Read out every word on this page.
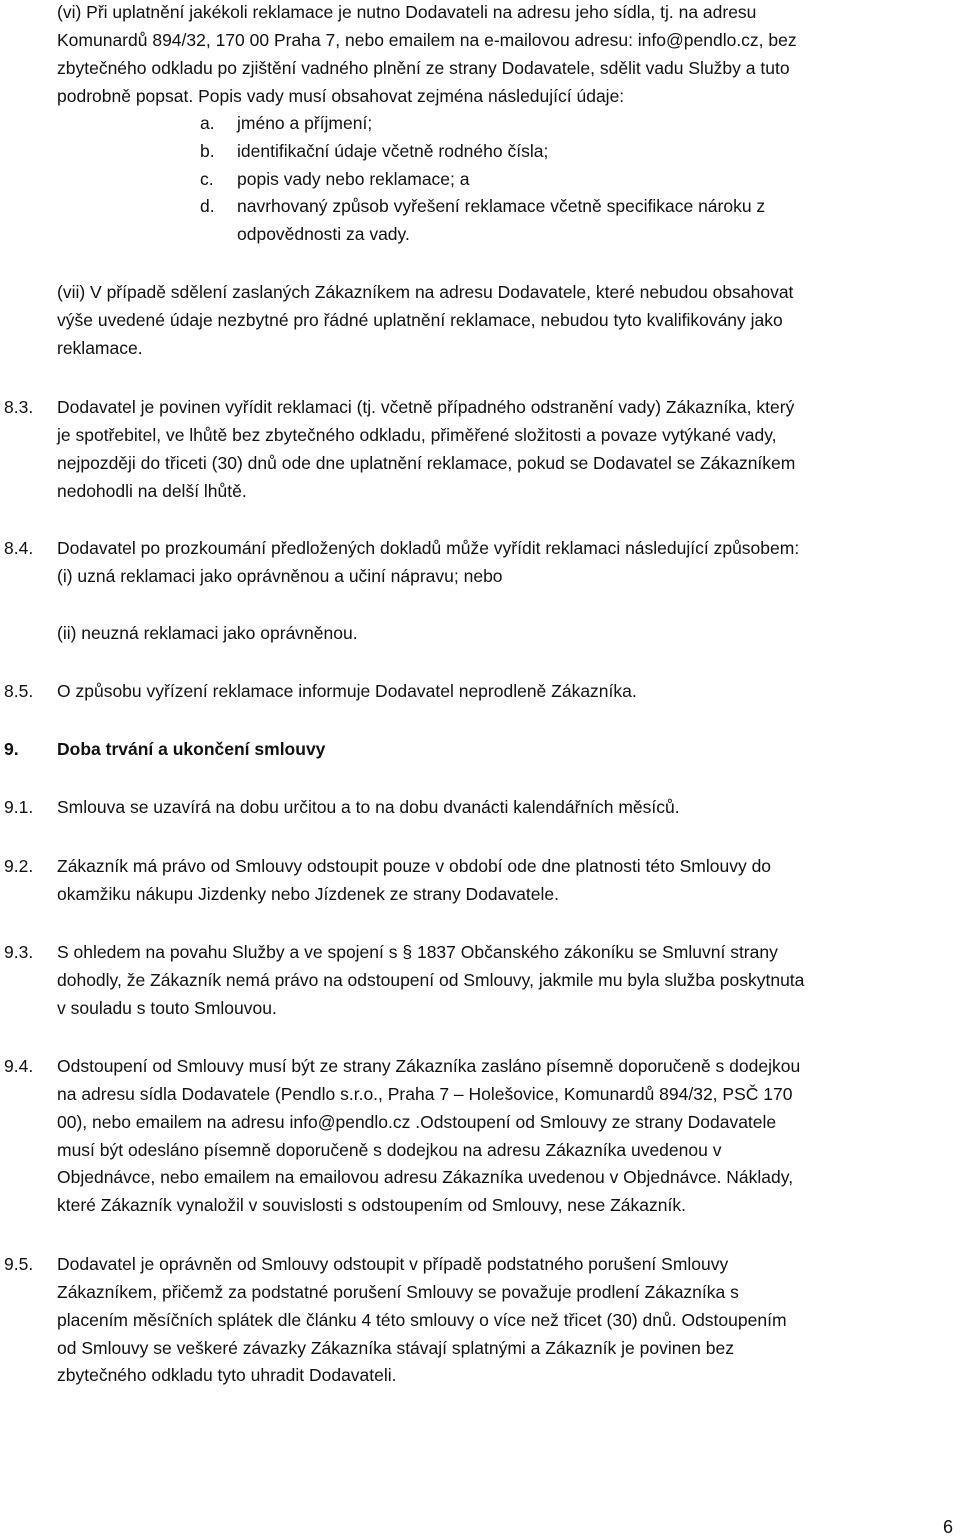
(vi) Při uplatnění jakékoli reklamace je nutno Dodavateli na adresu jeho sídla, tj. na adresu
Komunardů 894/32, 170 00 Praha 7, nebo emailem na e-mailovou adresu: info@pendlo.cz, bez
zbytečného odkladu po zjištění vadného plnění ze strany Dodavatele, sdělit vadu Služby a tuto
podrobně popsat. Popis vady musí obsahovat zejména následující údaje:
a. jméno a příjmení;
b. identifikační údaje včetně rodného čísla;
c. popis vady nebo reklamace; a
d. navrhovaný způsob vyřešení reklamace včetně specifikace nároku z
odpovědnosti za vady.
(vii) V případě sdělení zaslaných Zákazníkem na adresu Dodavatele, které nebudou obsahovat
výše uvedené údaje nezbytné pro řádné uplatnění reklamace, nebudou tyto kvalifikovány jako
reklamace.
8.3. Dodavatel je povinen vyřídit reklamaci (tj. včetně případného odstranění vady) Zákazníka, který
je spotřebitel, ve lhůtě bez zbytečného odkladu, přiměřené složitosti a povaze vytýkané vady,
nejpozději do třiceti (30) dnů ode dne uplatnění reklamace, pokud se Dodavatel se Zákazníkem
nedohodli na delší lhůtě.
8.4. Dodavatel po prozkoumání předložených dokladů může vyřídit reklamaci následující způsobem:
(i) uzná reklamaci jako oprávněnou a učiní nápravu; nebo
(ii) neuzná reklamaci jako oprávněnou.
8.5. O způsobu vyřízení reklamace informuje Dodavatel neprodleně Zákazníka.
9. Doba trvání a ukončení smlouvy
9.1. Smlouva se uzavírá na dobu určitou a to na dobu dvanácti kalendářních měsíců.
9.2. Zákazník má právo od Smlouvy odstoupit pouze v období ode dne platnosti této Smlouvy do
okamžiku nákupu Jizdenky nebo Jízdenek ze strany Dodavatele.
9.3. S ohledem na povahu Služby a ve spojení s § 1837 Občanského zákoníku se Smluvní strany
dohodly, že Zákazník nemá právo na odstoupení od Smlouvy, jakmile mu byla služba poskytnuta
v souladu s touto Smlouvou.
9.4. Odstoupení od Smlouvy musí být ze strany Zákazníka zasláno písemně doporučeně s dodejkou
na adresu sídla Dodavatele (Pendlo s.r.o., Praha 7 – Holešovice, Komunardů 894/32, PSČ 170
00), nebo emailem na adresu info@pendlo.cz .Odstoupení od Smlouvy ze strany Dodavatele
musí být odesláno písemně doporučeně s dodejkou na adresu Zákazníka uvedenou v
Objednávce, nebo emailem na emailovou adresu Zákazníka uvedenou v Objednávce. Náklady,
které Zákazník vynaložil v souvislosti s odstoupením od Smlouvy, nese Zákazník.
9.5. Dodavatel je oprávněn od Smlouvy odstoupit v případě podstatného porušení Smlouvy
Zákazníkem, přičemž za podstatné porušení Smlouvy se považuje prodlení Zákazníka s
placením měsíčních splátek dle článku 4 této smlouvy o více než třicet (30) dnů. Odstoupením
od Smlouvy se veškeré závazky Zákazníka stávají splatnými a Zákazník je povinen bez
zbytečného odkladu tyto uhradit Dodavateli.
6
